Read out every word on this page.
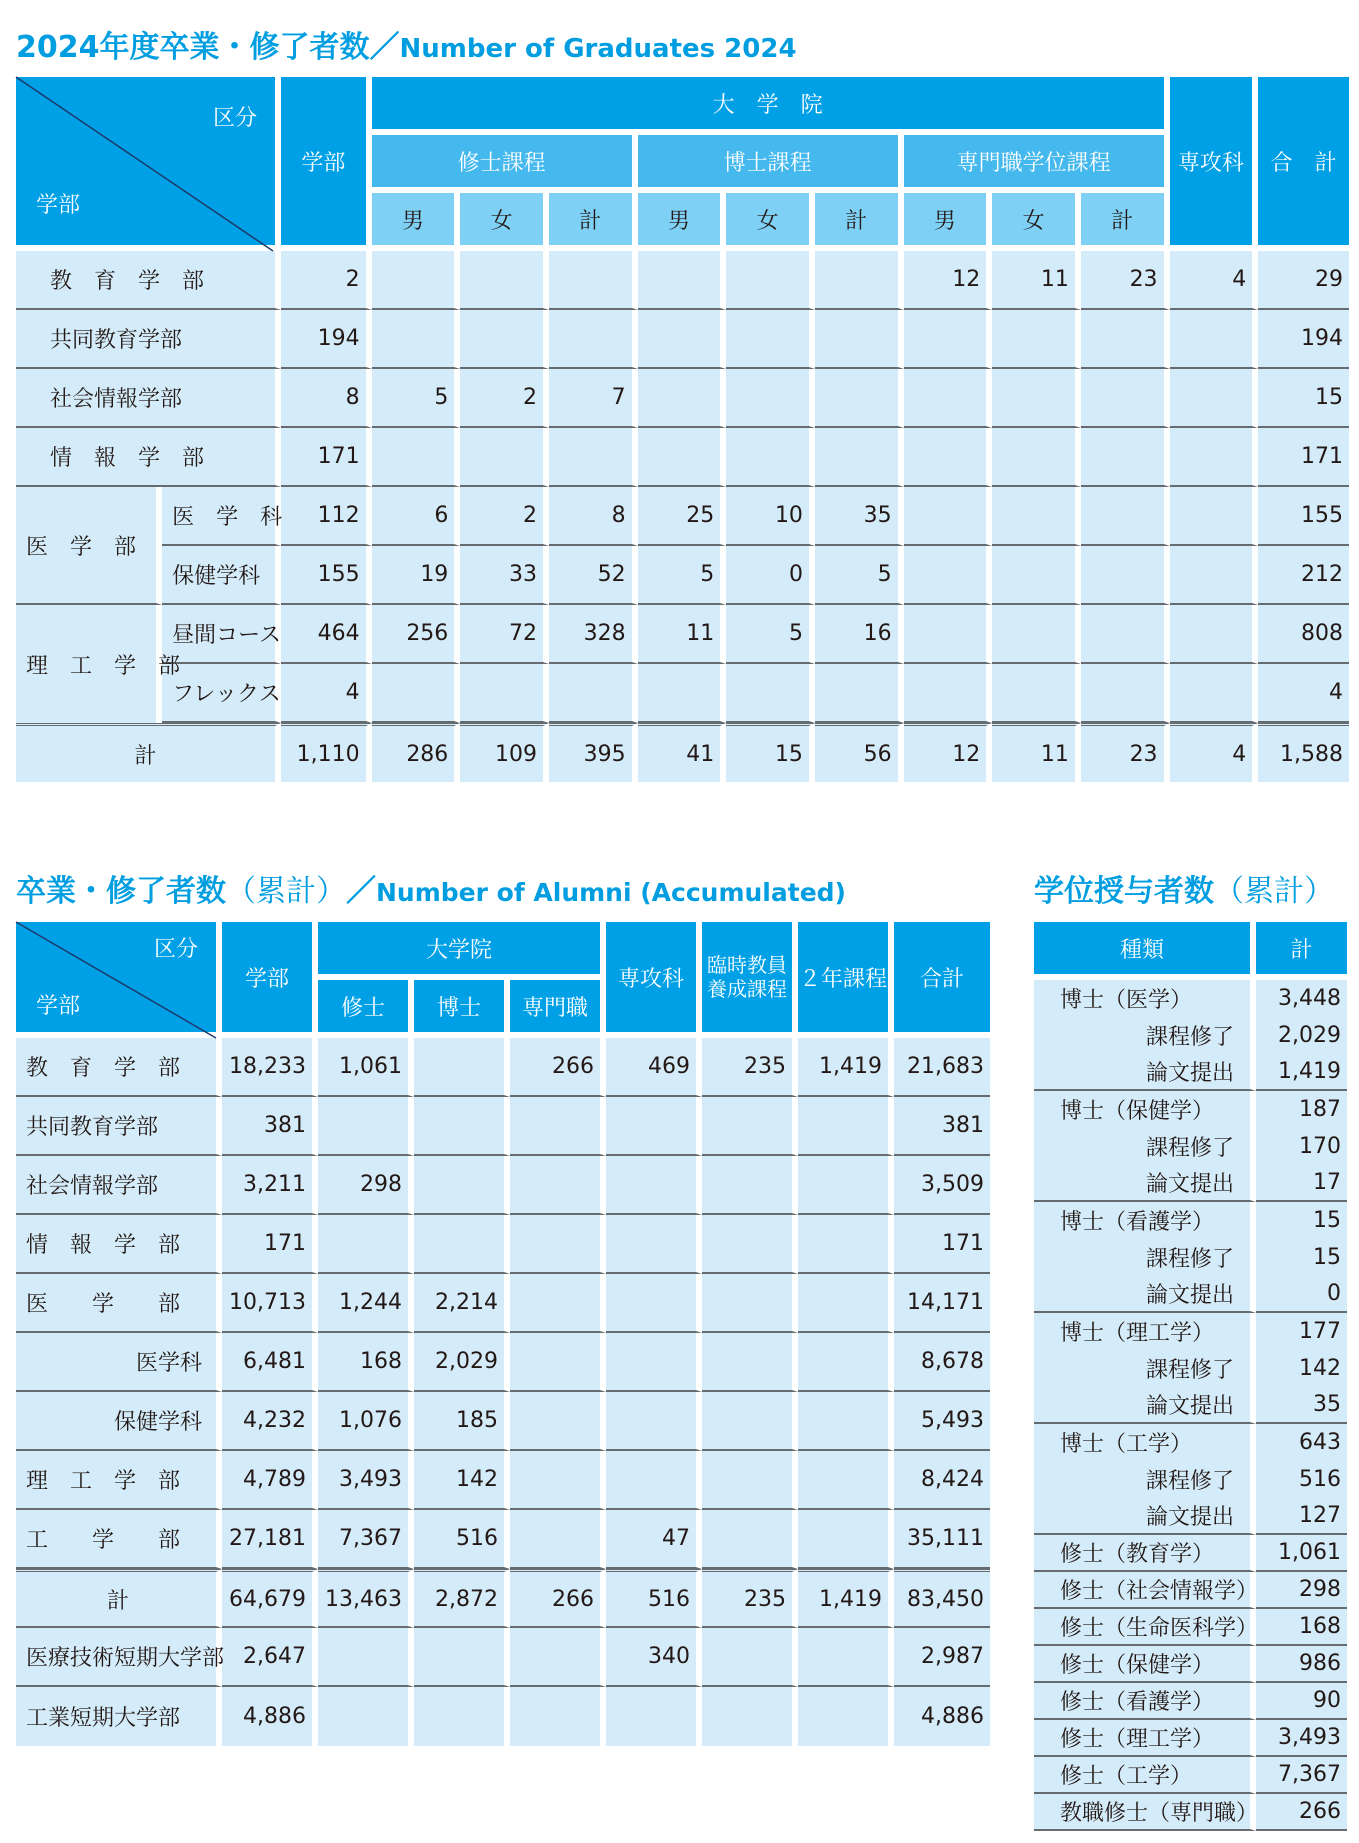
2024年度卒業・修了者数／Number of Graduates 2024
卒業・修了者数（累計）／Number of Alumni (Accumulated)	学位授与者数（累計）
区分
学部		学部	大　学　院									専攻科	合　計
			修士課程			博士課程			専門職学位課程				
			男	女	計	男	女	計	男	女	計		
教　育　学　部		2							12	11	23	4	29
共同教育学部		194											194
社会情報学部		8	5	2	7								15
情　報　学　部		171											171
医　学　部	医　学　科	112	6	2	8	25	10	35					155
	保健学科	155	19	33	52	5	0	5					212
理　工　学　部	昼間コース	464	256	72	328	11	5	16					808
	フレックス	4											4
計		1,110	286	109	395	41	15	56	12	11	23	4	1,588
区分
学部	学部	大学院			専攻科	臨時教員養成課程	２年課程	合計
		修士	博士	専門職				
教　育　学　部	18,233	1,061		266	469	235	1,419	21,683
共同教育学部	381							381
社会情報学部	3,211	298						3,509
情　報　学　部	171							171
医　　学　　部	10,713	1,244	2,214					14,171
医学科	6,481	168	2,029					8,678
保健学科	4,232	1,076	185					5,493
理　工　学　部	4,789	3,493	142					8,424
工　　学　　部	27,181	7,367	516		47			35,111
計	64,679	13,463	2,872	266	516	235	1,419	83,450
医療技術短期大学部	2,647				340			2,987
工業短期大学部	4,886							4,886
種類	計
博士（医学）	3,448
課程修了	2,029
論文提出	1,419
博士（保健学）	187
課程修了	170
論文提出	17
博士（看護学）	15
課程修了	15
論文提出	0
博士（理工学）	177
課程修了	142
論文提出	35
博士（工学）	643
課程修了	516
論文提出	127
修士（教育学）	1,061
修士（社会情報学）	298
修士（生命医科学）	168
修士（保健学）	986
修士（看護学）	90
修士（理工学）	3,493
修士（工学）	7,367
教職修士（専門職）	266
